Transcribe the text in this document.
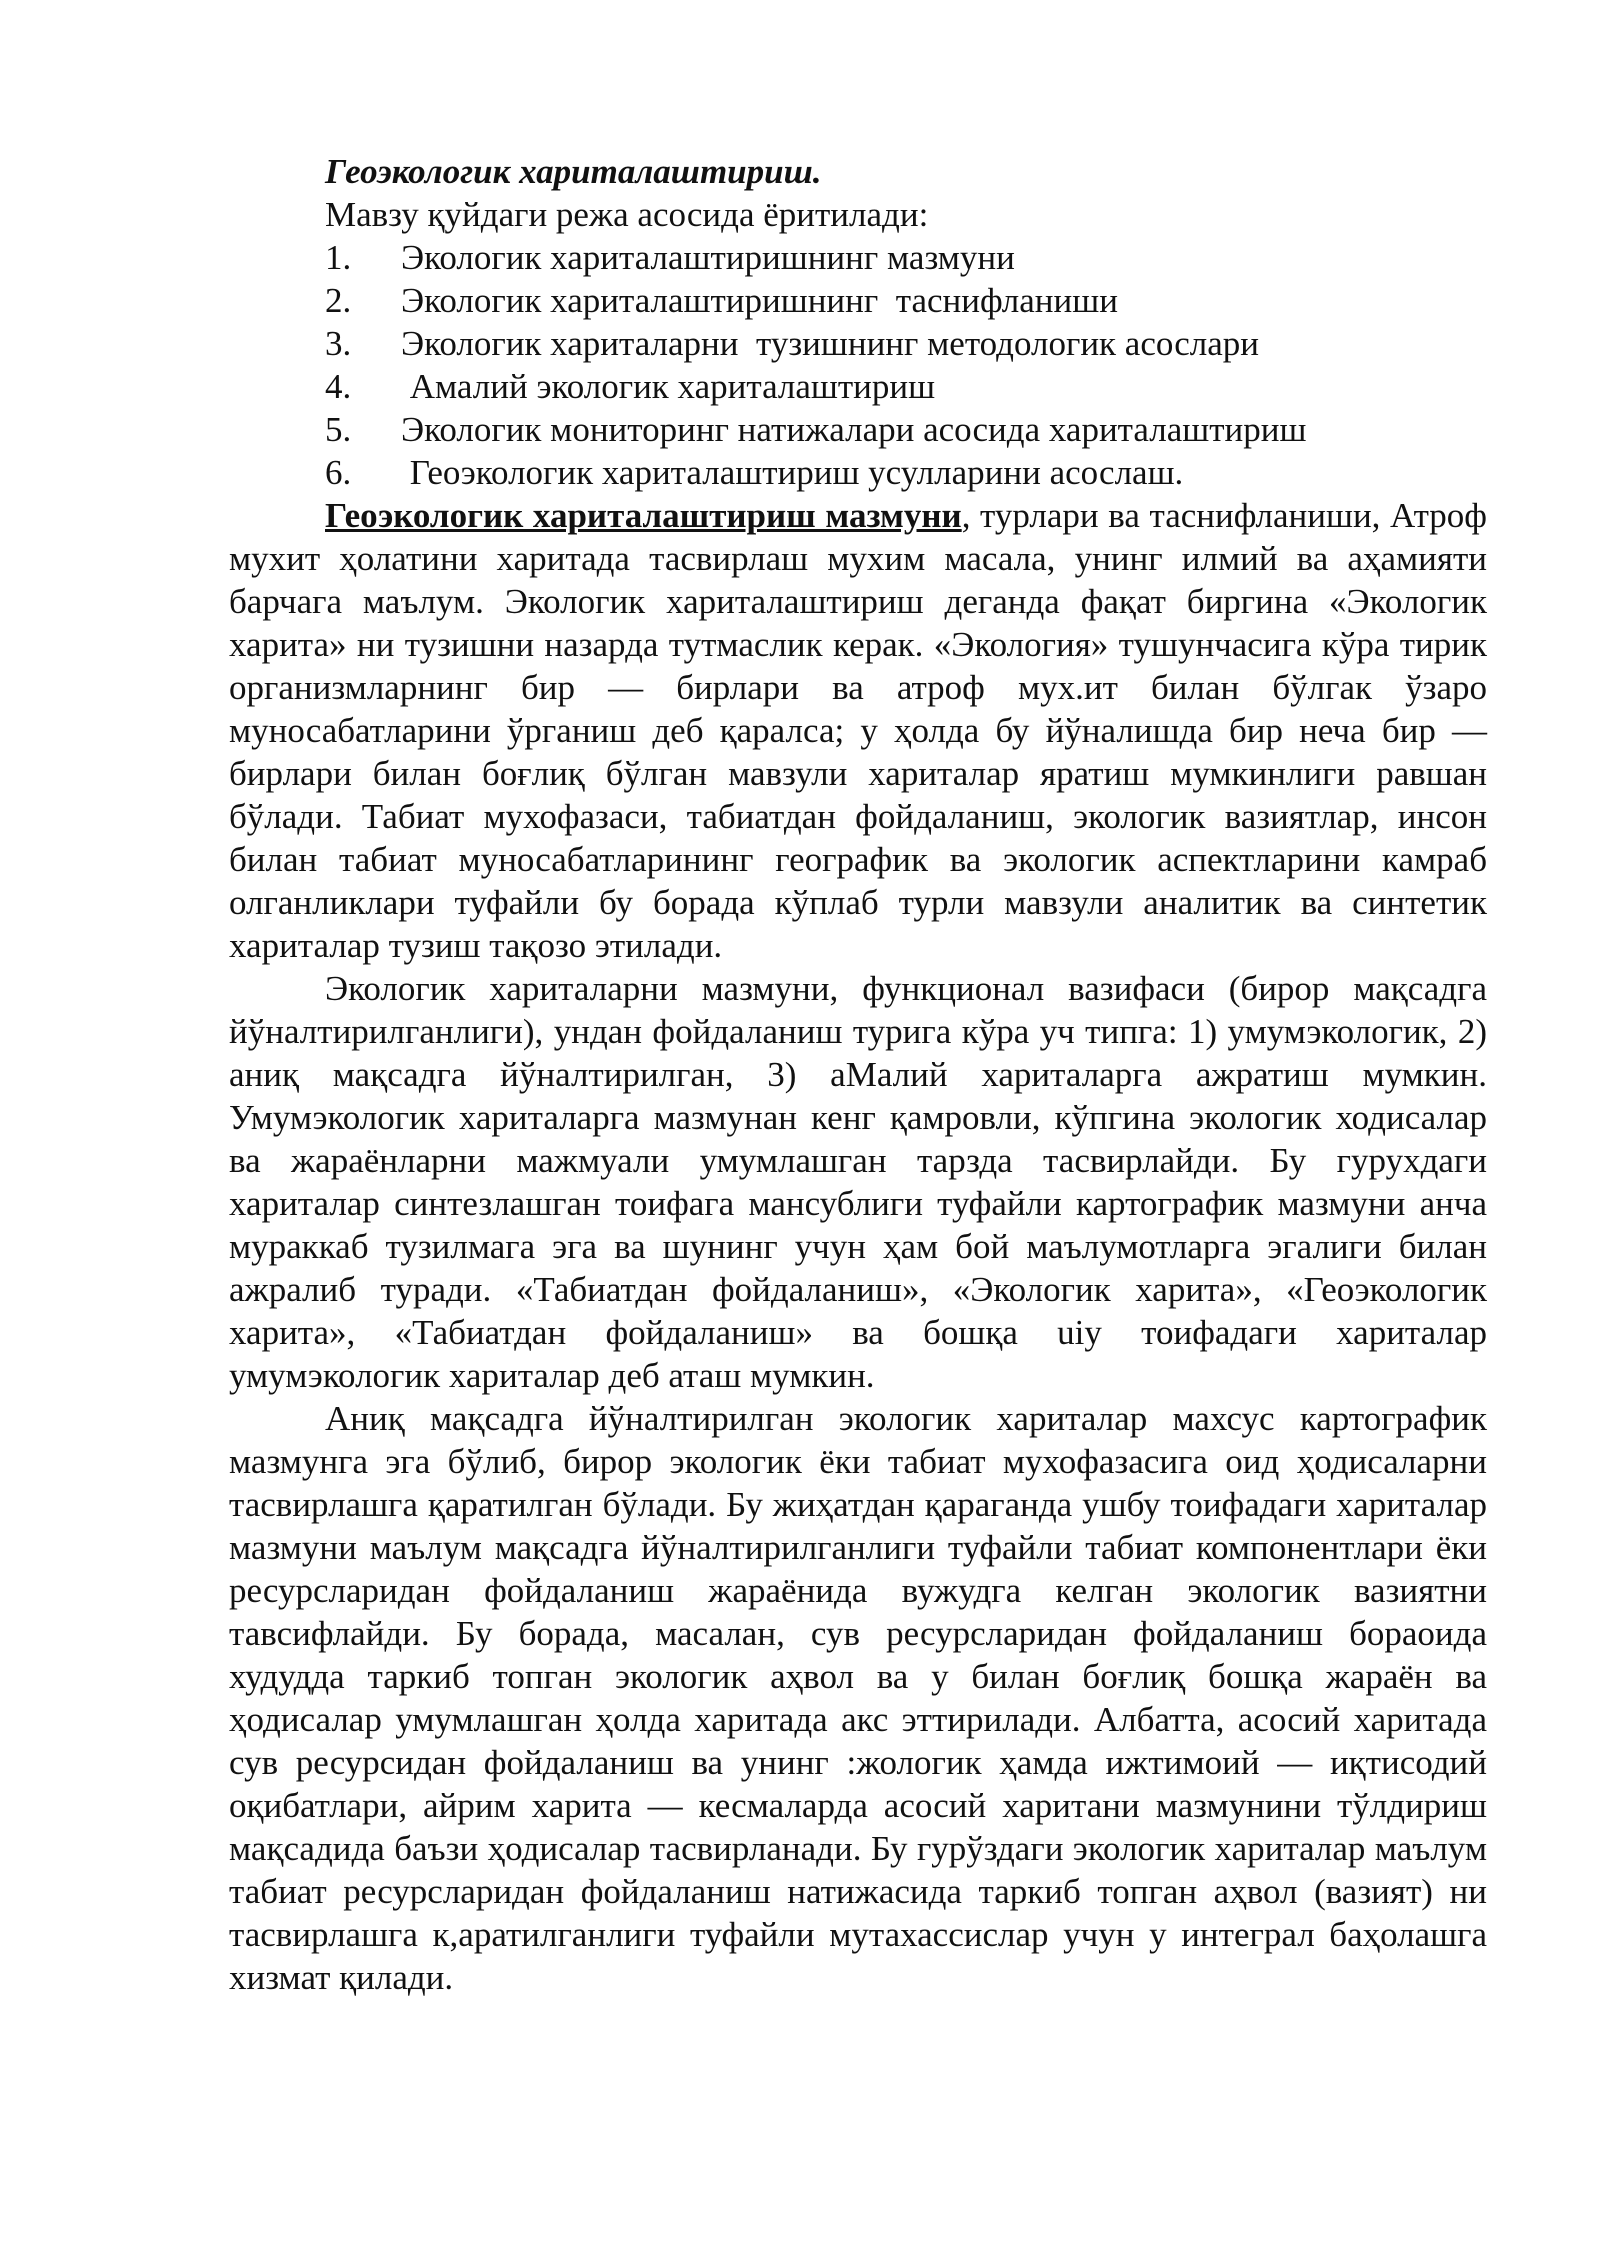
Геоэкологик хариталаштириш.
Мавзу қуйдаги режа асосида ёритилади:
1.	Экологик хариталаштиришнинг мазмуни
2.	Экологик хариталаштиришнинг  таснифланиши
3.	Экологик хариталарни  тузишнинг методологик асослари
4.	Амалий экологик хариталаштириш
5.	Экологик мониторинг натижалари асосида хариталаштириш
6.	Геоэкологик хариталаштириш усулларини асослаш.

Геоэкологик хариталаштириш мазмуни, турлари ва таснифланиши, Атроф мухит ҳолатини харитада тасвирлаш мухим масала, унинг илмий ва аҳамияти барчага маълум. Экологик хариталаштириш деганда фақат биргина «Экологик харита» ни тузишни назарда тутмаслик керак. «Экология» тушунчасига кўра тирик организмларнинг бир — бирлари ва атроф мух.ит билан бўлгак ўзаро муносабатларини ўрганиш деб қаралса; у ҳолда бу йўналишда бир неча бир — бирлари билан боғлиқ бўлган мавзули хариталар яратиш мумкинлиги равшан бўлади. Табиат мухофазаси, табиатдан фойдаланиш, экологик вазиятлар, инсон билан табиат муносабатларининг географик ва экологик аспектларини камраб олганликлари туфайли бу борада кўплаб турли мавзули аналитик ва синтетик хариталар тузиш тақозо этилади.

Экологик хариталарни мазмуни, функционал вазифаси (бирор мақсадга йўналтирилганлиги), ундан фойдаланиш турига кўра уч типга: 1) умумэкологик, 2) аниқ мақсадга йўналтирилган, 3) аМалий хариталарга ажратиш мумкин. Умумэкологик хариталарга мазмунан кенг қамровли, кўпгина экологик ходисалар ва жараёнларни мажмуали умумлашган тарзда тасвирлайди. Бу гурухдаги хариталар синтезлашган тоифага мансублиги туфайли картографик мазмуни анча мураккаб тузилмага эга ва шунинг учун ҳам бой маълумотларга эгалиги билан ажралиб туради. «Табиатдан фойдаланиш», «Экологик харита», «Геоэкологик харита», «Табиатдан фойдаланиш» ва бошқа uiy тоифадаги хариталар умумэкологик хариталар деб аташ мумкин.

Аниқ мақсадга йўналтирилган экологик хариталар махсус картографик мазмунга эга бўлиб, бирор экологик ёки табиат мухофазасига оид ҳодисаларни тасвирлашга қаратилган бўлади. Бу жиҳатдан қараганда ушбу тоифадаги хариталар мазмуни маълум мақсадга йўналтирилганлиги туфайли табиат компонентлари ёки ресурсларидан фойдаланиш жараёнида вужудга келган экологик вазиятни тавсифлайди. Бу борада, масалан, сув ресурсларидан фойдаланиш бораоида худудда таркиб топган экологик аҳвол ва у билан боғлиқ бошқа жараён ва ҳодисалар умумлашган ҳолда харитада акс эттирилади. Албатта, асосий харитада сув ресурсидан фойдаланиш ва унинг :жологик ҳамда ижтимоий — иқтисодий оқибатлари, айрим харита — кесмаларда асосий харитани мазмунини тўлдириш мақсадида баъзи ҳодисалар тасвирланади. Бу гурўздаги экологик хариталар маълум табиат ресурсларидан фойдаланиш натижасида таркиб топган аҳвол (вазият) ни тасвирлашга к,аратилганлиги туфайли мутахассислар учун у интеграл баҳолашга хизмат қилади.
